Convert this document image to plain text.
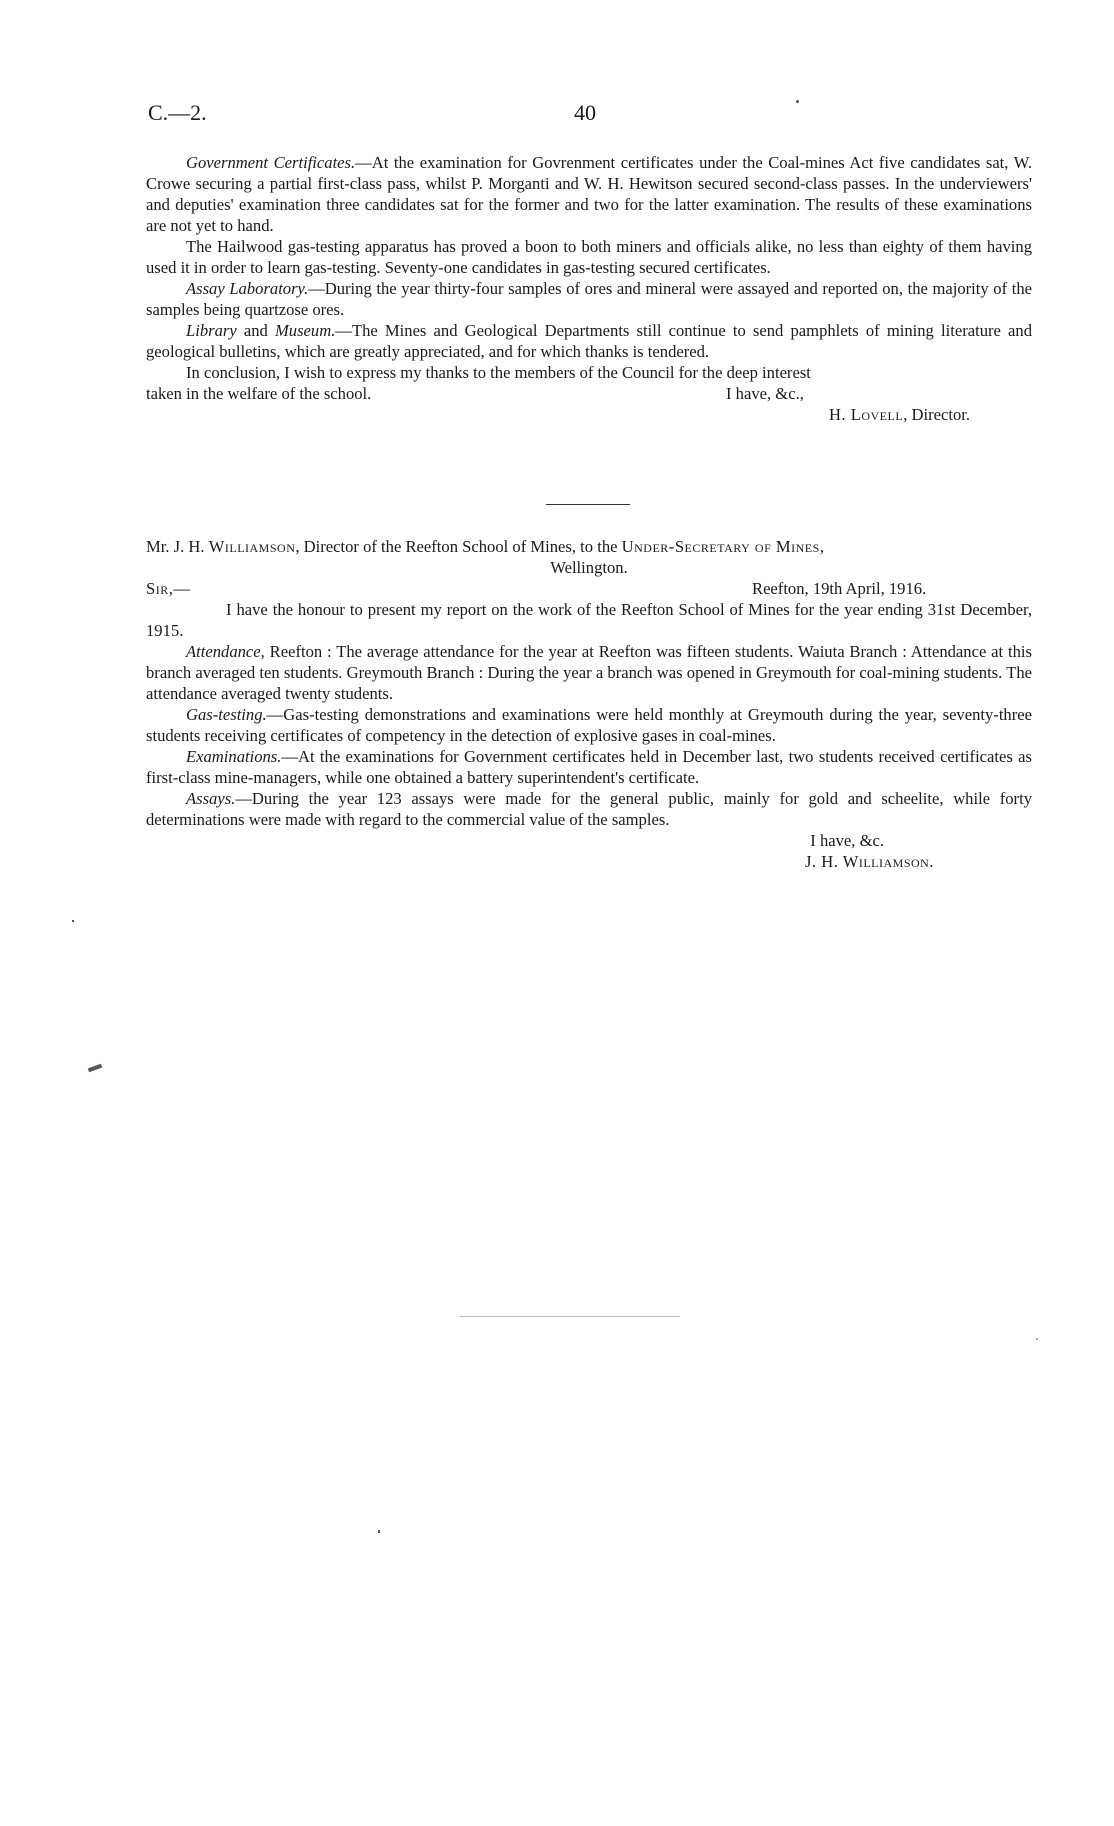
C.—2.	40

Government Certificates.—At the examination for Govrenment certificates under the Coal-mines Act five candidates sat, W. Crowe securing a partial first-class pass, whilst P. Morganti and W. H. Hewitson secured second-class passes. In the underviewers' and deputies' examination three candidates sat for the former and two for the latter examination. The results of these examinations are not yet to hand.

The Hailwood gas-testing apparatus has proved a boon to both miners and officials alike, no less than eighty of them having used it in order to learn gas-testing. Seventy-one candidates in gas-testing secured certificates.

Assay Laboratory.—During the year thirty-four samples of ores and mineral were assayed and reported on, the majority of the samples being quartzose ores.

Library and Museum.—The Mines and Geological Departments still continue to send pamphlets of mining literature and geological bulletins, which are greatly appreciated, and for which thanks is tendered.

In conclusion, I wish to express my thanks to the members of the Council for the deep interest

taken in the welfare of the school.	I have, &c.,
H. Lovell, Director.

Mr. J. H. Williamson, Director of the Reefton School of Mines, to the Under-Secretary of Mines,

Wellington.

Sir,—	Reefton, 19th April, 1916.

I have the honour to present my report on the work of the Reefton School of Mines for the year ending 31st December, 1915.

Attendance, Reefton : The average attendance for the year at Reefton was fifteen students. Waiuta Branch : Attendance at this branch averaged ten students. Greymouth Branch : During the year a branch was opened in Greymouth for coal-mining students. The attendance averaged twenty students.

Gas-testing.—Gas-testing demonstrations and examinations were held monthly at Greymouth during the year, seventy-three students receiving certificates of competency in the detection of explosive gases in coal-mines.

Examinations.—At the examinations for Government certificates held in December last, two students received certificates as first-class mine-managers, while one obtained a battery superintendent's certificate.

Assays.—During the year 123 assays were made for the general public, mainly for gold and scheelite, while forty determinations were made with regard to the commercial value of the samples.

I have, &c.

J. H. Williamson.
